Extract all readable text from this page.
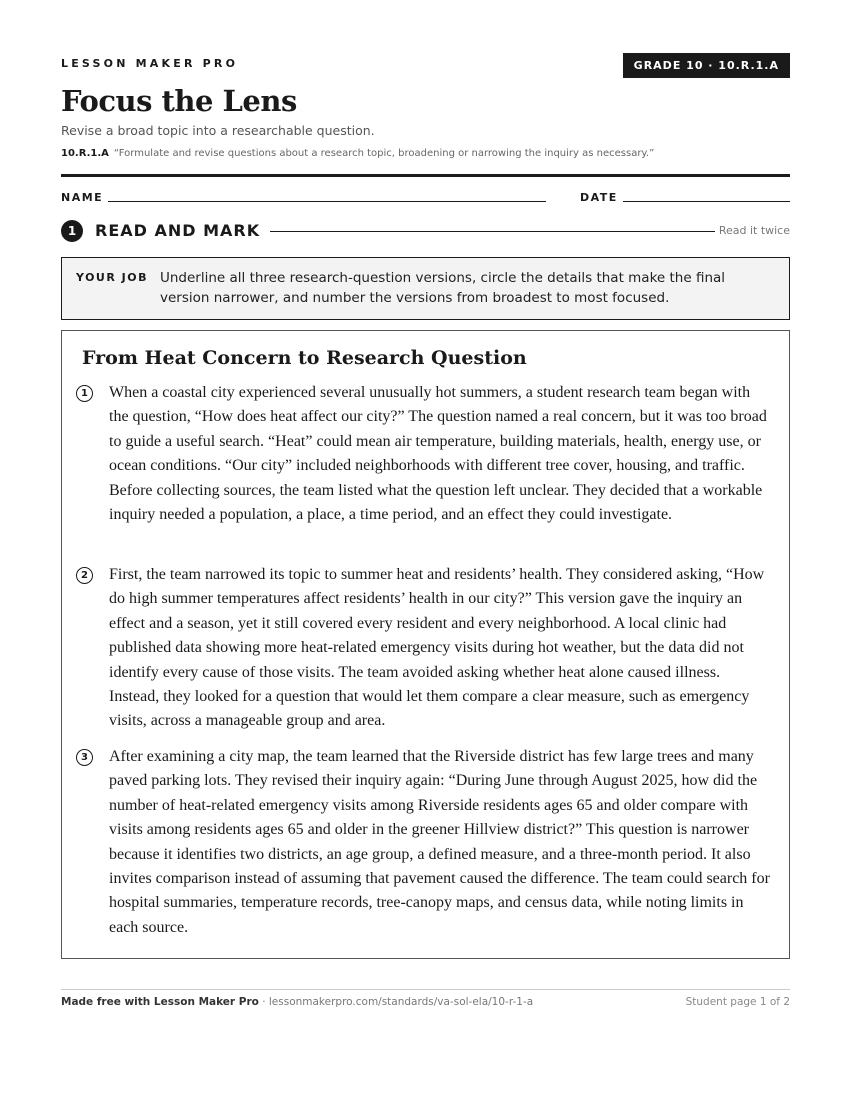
LESSON MAKER PRO	GRADE 10 · 10.R.1.A
Focus the Lens
Revise a broad topic into a researchable question.
10.R.1.A “Formulate and revise questions about a research topic, broadening or narrowing the inquiry as necessary.”
NAME	DATE
1	READ AND MARK	Read it twice
YOUR JOB Underline all three research-question versions, circle the details that make the final version narrower, and number the versions from broadest to most focused.
From Heat Concern to Research Question
1	When a coastal city experienced several unusually hot summers, a student research team began with the question, “How does heat affect our city?” The question named a real concern, but it was too broad to guide a useful search. “Heat” could mean air temperature, building materials, health, energy use, or ocean conditions. “Our city” included neighborhoods with different tree cover, housing, and traffic. Before collecting sources, the team listed what the question left unclear. They decided that a workable inquiry needed a population, a place, a time period, and an effect they could investigate.
2	First, the team narrowed its topic to summer heat and residents’ health. They considered asking, “How do high summer temperatures affect residents’ health in our city?” This version gave the inquiry an effect and a season, yet it still covered every resident and every neighborhood. A local clinic had published data showing more heat-related emergency visits during hot weather, but the data did not identify every cause of those visits. The team avoided asking whether heat alone caused illness. Instead, they looked for a question that would let them compare a clear measure, such as emergency visits, across a manageable group and area.
3	After examining a city map, the team learned that the Riverside district has few large trees and many paved parking lots. They revised their inquiry again: “During June through August 2025, how did the number of heat-related emergency visits among Riverside residents ages 65 and older compare with visits among residents ages 65 and older in the greener Hillview district?” This question is narrower because it identifies two districts, an age group, a defined measure, and a three-month period. It also invites comparison instead of assuming that pavement caused the difference. The team could search for hospital summaries, temperature records, tree-canopy maps, and census data, while noting limits in each source.
Made free with Lesson Maker Pro · lessonmakerpro.com/standards/va-sol-ela/10-r-1-a	Student page 1 of 2
